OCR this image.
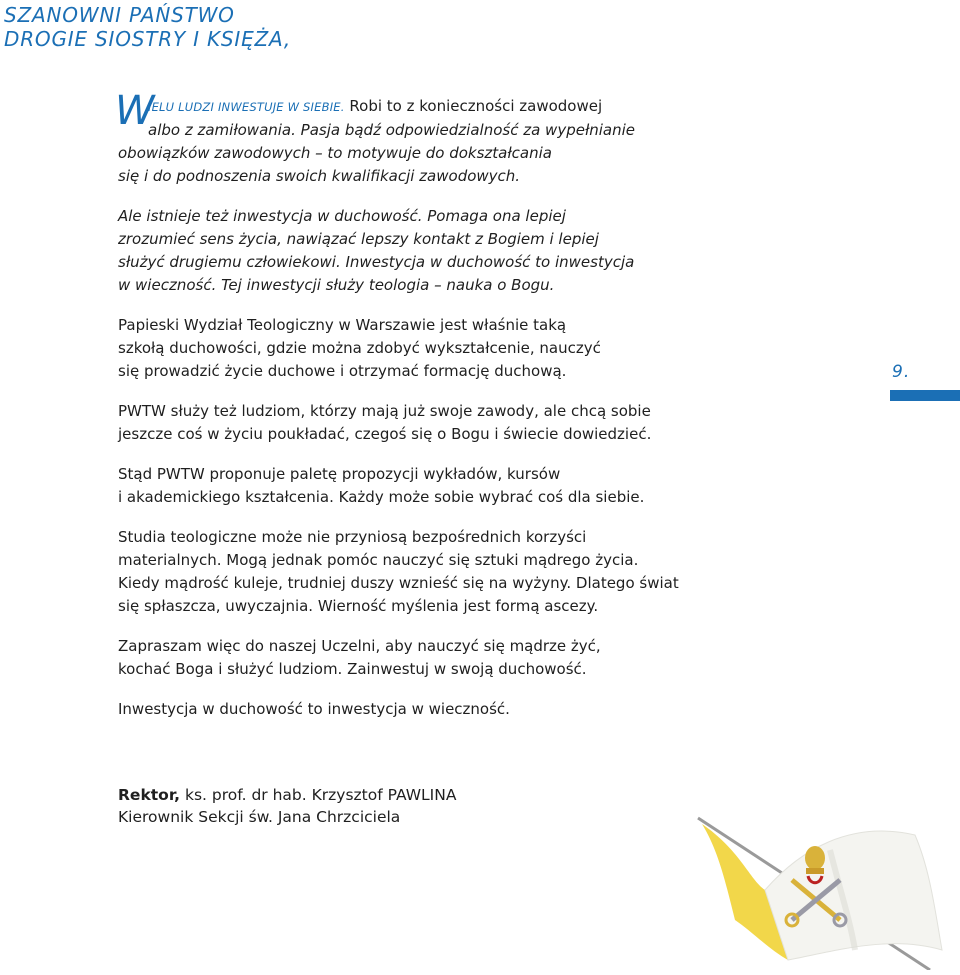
SZANOWNI PAŃSTWO
DROGIE SIOSTRY I KSIĘŻA,

W
IELU LUDZI INWESTUJE W SIEBIE. Robi to z konieczności zawodowej
albo z zamiłowania. Pasja bądź odpowiedzialność za wypełnianie
obowiązków zawodowych – to motywuje do dokształcania
się i do podnoszenia swoich kwalifikacji zawodowych.

Ale istnieje też inwestycja w duchowość. Pomaga ona lepiej
zrozumieć sens życia, nawiązać lepszy kontakt z Bogiem i lepiej
służyć drugiemu człowiekowi. Inwestycja w duchowość to inwestycja
w wieczność. Tej inwestycji służy teologia – nauka o Bogu.

Papieski Wydział Teologiczny w Warszawie jest właśnie taką
szkołą duchowości, gdzie można zdobyć wykształcenie, nauczyć
się prowadzić życie duchowe i otrzymać formację duchową.

PWTW służy też ludziom, którzy mają już swoje zawody, ale chcą sobie
jeszcze coś w życiu poukładać, czegoś się o Bogu i świecie dowiedzieć.

Stąd PWTW proponuje paletę propozycji wykładów, kursów
i akademickiego kształcenia. Każdy może sobie wybrać coś dla siebie.

Studia teologiczne może nie przyniosą bezpośrednich korzyści
materialnych. Mogą jednak pomóc nauczyć się sztuki mądrego życia.
Kiedy mądrość kuleje, trudniej duszy wznieść się na wyżyny. Dlatego świat
się spłaszcza, uwyczajnia. Wierność myślenia jest formą ascezy.

Zapraszam więc do naszej Uczelni, aby nauczyć się mądrze żyć,
kochać Boga i służyć ludziom. Zainwestuj w swoją duchowość.

Inwestycja w duchowość to inwestycja w wieczność.

Rektor, ks. prof. dr hab. Krzysztof PAWLINA
Kierownik Sekcji św. Jana Chrzciciela
9.
